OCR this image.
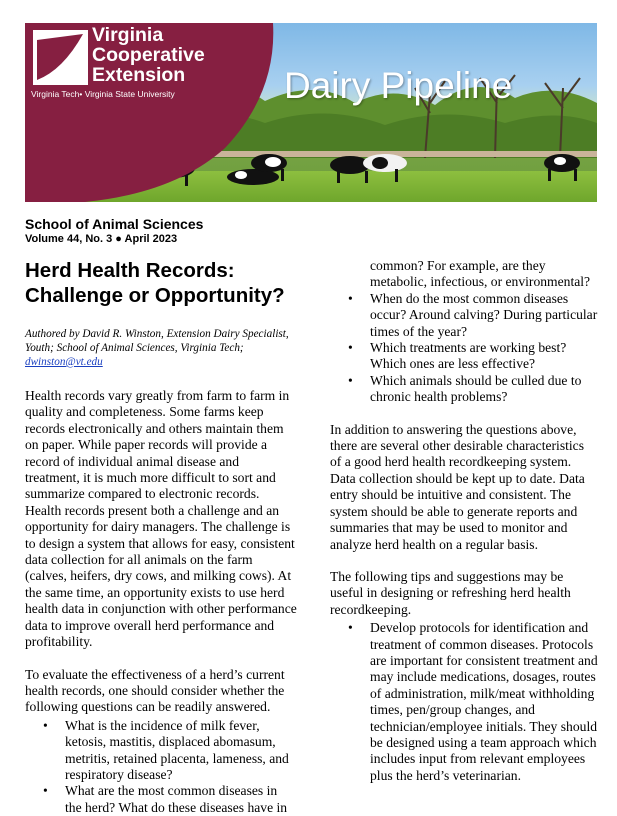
Virginia
Cooperative
Extension
Virginia Tech• Virginia State University	Dairy Pipeline
School of Animal Sciences
Volume 44, No. 3 ● April 2023
Herd Health Records:
Challenge or Opportunity?
Authored by David R. Winston, Extension Dairy Specialist, Youth; School of Animal Sciences, Virginia Tech; dwinston@vt.edu

Health records vary greatly from farm to farm in quality and completeness. Some farms keep records electronically and others maintain them on paper. While paper records will provide a record of individual animal disease and treatment, it is much more difficult to sort and summarize compared to electronic records. Health records present both a challenge and an opportunity for dairy managers. The challenge is to design a system that allows for easy, consistent data collection for all animals on the farm (calves, heifers, dry cows, and milking cows). At the same time, an opportunity exists to use herd health data in conjunction with other performance data to improve overall herd performance and profitability.

To evaluate the effectiveness of a herd’s current health records, one should consider whether the following questions can be readily answered.

• What is the incidence of milk fever, ketosis, mastitis, displaced abomasum, metritis, retained placenta, lameness, and respiratory disease?
• What are the most common diseases in the herd? What do these diseases have in
common? For example, are they metabolic, infectious, or environmental?
• When do the most common diseases occur? Around calving? During particular times of the year?
• Which treatments are working best? Which ones are less effective?
• Which animals should be culled due to chronic health problems?

In addition to answering the questions above, there are several other desirable characteristics of a good herd health recordkeeping system. Data collection should be kept up to date. Data entry should be intuitive and consistent. The system should be able to generate reports and summaries that may be used to monitor and analyze herd health on a regular basis.

The following tips and suggestions may be useful in designing or refreshing herd health recordkeeping.

• Develop protocols for identification and treatment of common diseases. Protocols are important for consistent treatment and may include medications, dosages, routes of administration, milk/meat withholding times, pen/group changes, and technician/employee initials. They should be designed using a team approach which includes input from relevant employees plus the herd’s veterinarian.
